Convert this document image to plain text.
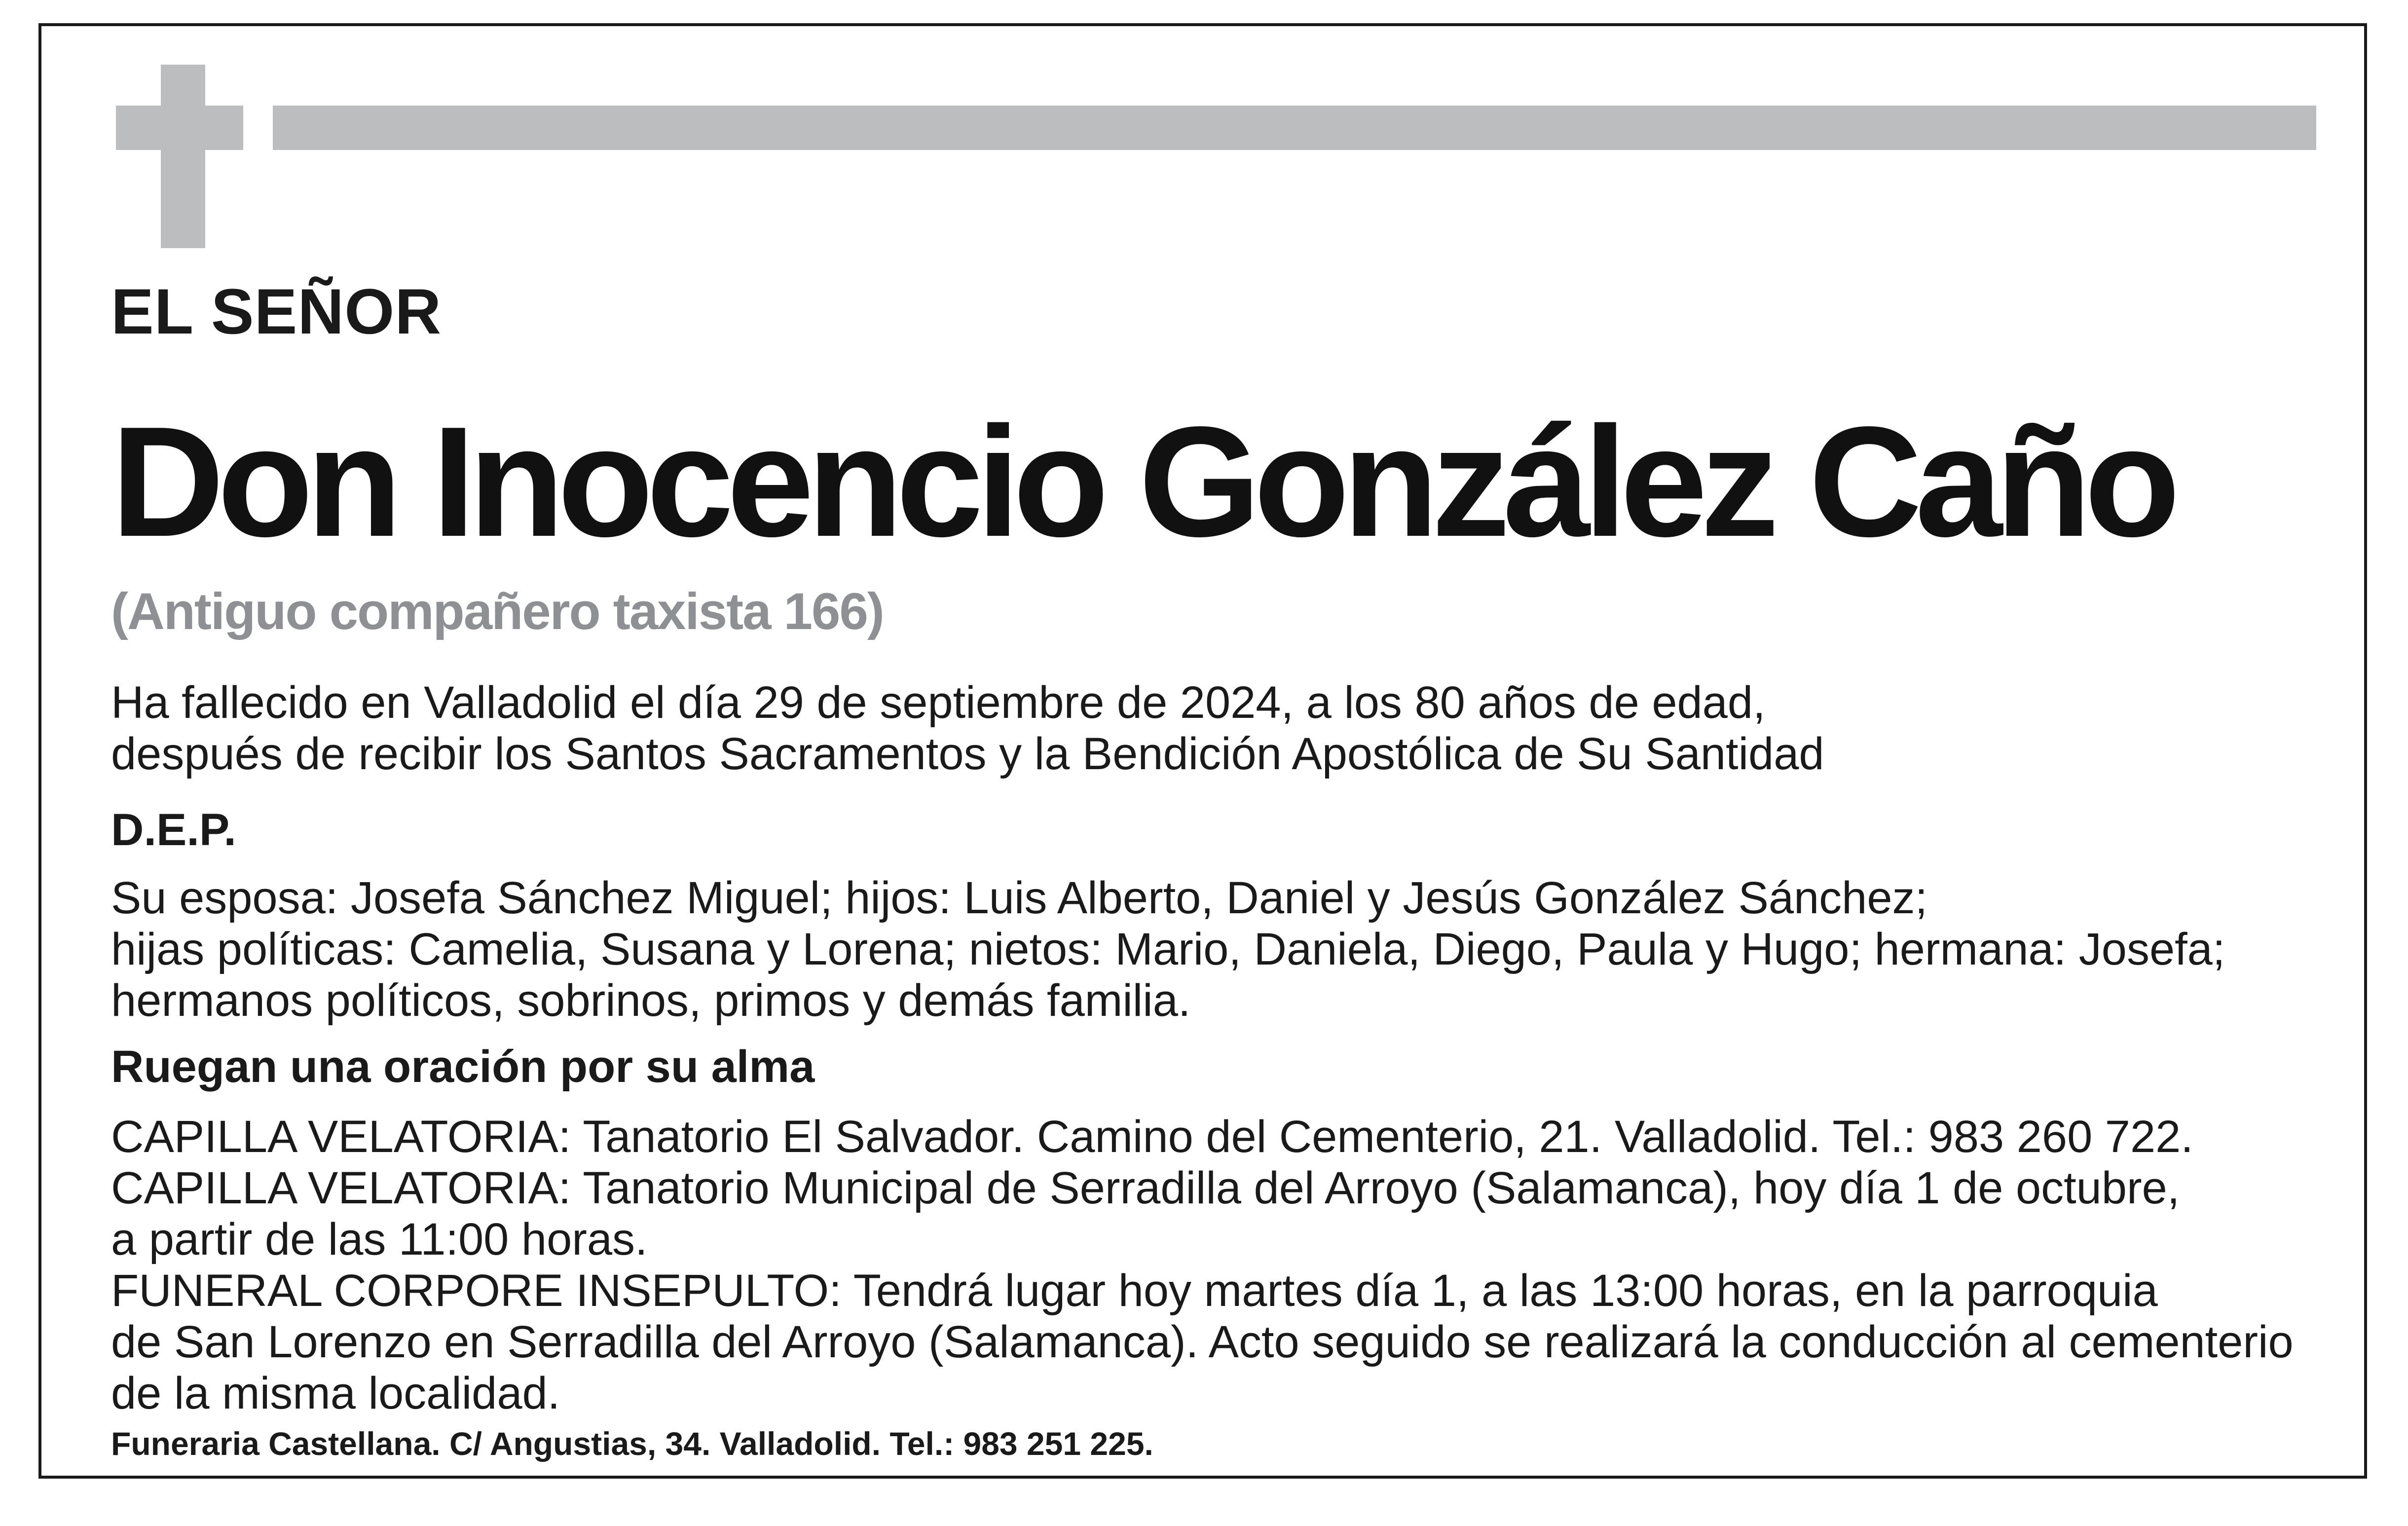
EL SEÑOR

Don Inocencio González Caño

(Antiguo compañero taxista 166)

Ha fallecido en Valladolid el día 29 de septiembre de 2024, a los 80 años de edad,

después de recibir los Santos Sacramentos y la Bendición Apostólica de Su Santidad

D.E.P.

Su esposa: Josefa Sánchez Miguel; hijos: Luis Alberto, Daniel y Jesús González Sánchez;

hijas políticas: Camelia, Susana y Lorena; nietos: Mario, Daniela, Diego, Paula y Hugo; hermana: Josefa;

hermanos políticos, sobrinos, primos y demás familia.

Ruegan una oración por su alma

CAPILLA VELATORIA: Tanatorio El Salvador. Camino del Cementerio, 21. Valladolid. Tel.: 983 260 722.

CAPILLA VELATORIA: Tanatorio Municipal de Serradilla del Arroyo (Salamanca), hoy día 1 de octubre,

a partir de las 11:00 horas.

FUNERAL CORPORE INSEPULTO: Tendrá lugar hoy martes día 1, a las 13:00 horas, en la parroquia

de San Lorenzo en Serradilla del Arroyo (Salamanca). Acto seguido se realizará la conducción al cementerio

de la misma localidad.

Funeraria Castellana. C/ Angustias, 34. Valladolid. Tel.: 983 251 225.
